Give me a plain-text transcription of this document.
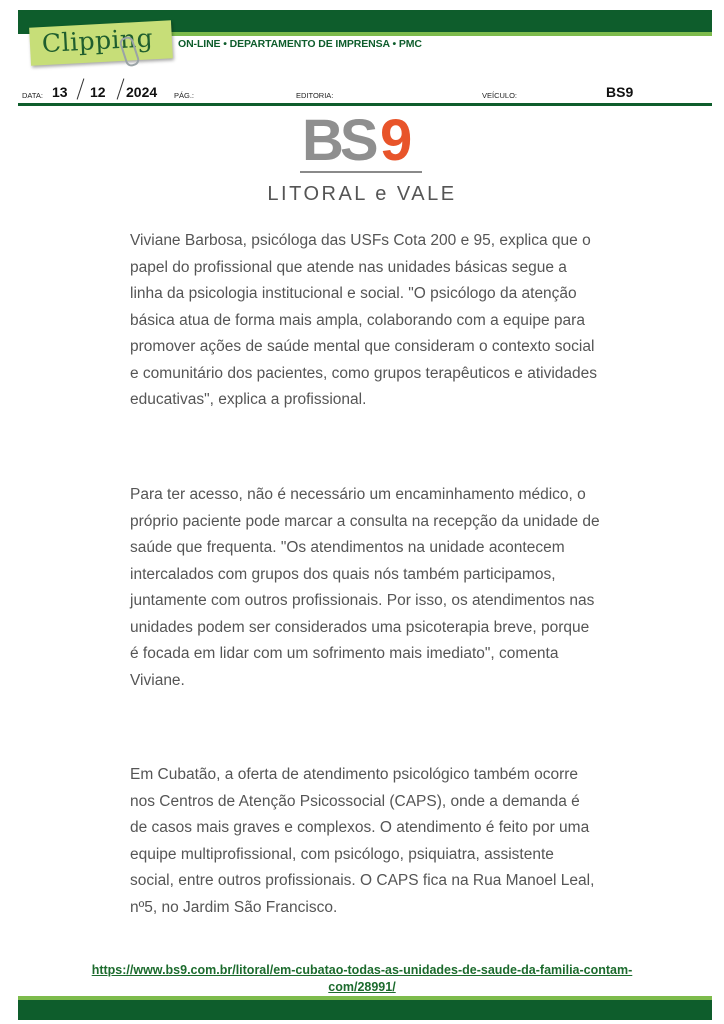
Clipping ON-LINE • DEPARTAMENTO DE IMPRENSA • PMC
DATA: 13 12 2024 PÁG.:	EDITORIA:	VEÍCULO:	BS9
BS 9
LITORAL e VALE

Viviane Barbosa, psicóloga das USFs Cota 200 e 95, explica que o papel do profissional que atende nas unidades básicas segue a linha da psicologia institucional e social. "O psicólogo da atenção básica atua de forma mais ampla, colaborando com a equipe para promover ações de saúde mental que consideram o contexto social e comunitário dos pacientes, como grupos terapêuticos e atividades educativas", explica a profissional.

Para ter acesso, não é necessário um encaminhamento médico, o próprio paciente pode marcar a consulta na recepção da unidade de saúde que frequenta. "Os atendimentos na unidade acontecem intercalados com grupos dos quais nós também participamos, juntamente com outros profissionais. Por isso, os atendimentos nas unidades podem ser considerados uma psicoterapia breve, porque é focada em lidar com um sofrimento mais imediato", comenta Viviane.

Em Cubatão, a oferta de atendimento psicológico também ocorre nos Centros de Atenção Psicossocial (CAPS), onde a demanda é de casos mais graves e complexos. O atendimento é feito por uma equipe multiprofissional, com psicólogo, psiquiatra, assistente social, entre outros profissionais. O CAPS fica na Rua Manoel Leal, nº5, no Jardim São Francisco.

https://www.bs9.com.br/litoral/em-cubatao-todas-as-unidades-de-saude-da-familia-contam-com/28991/
